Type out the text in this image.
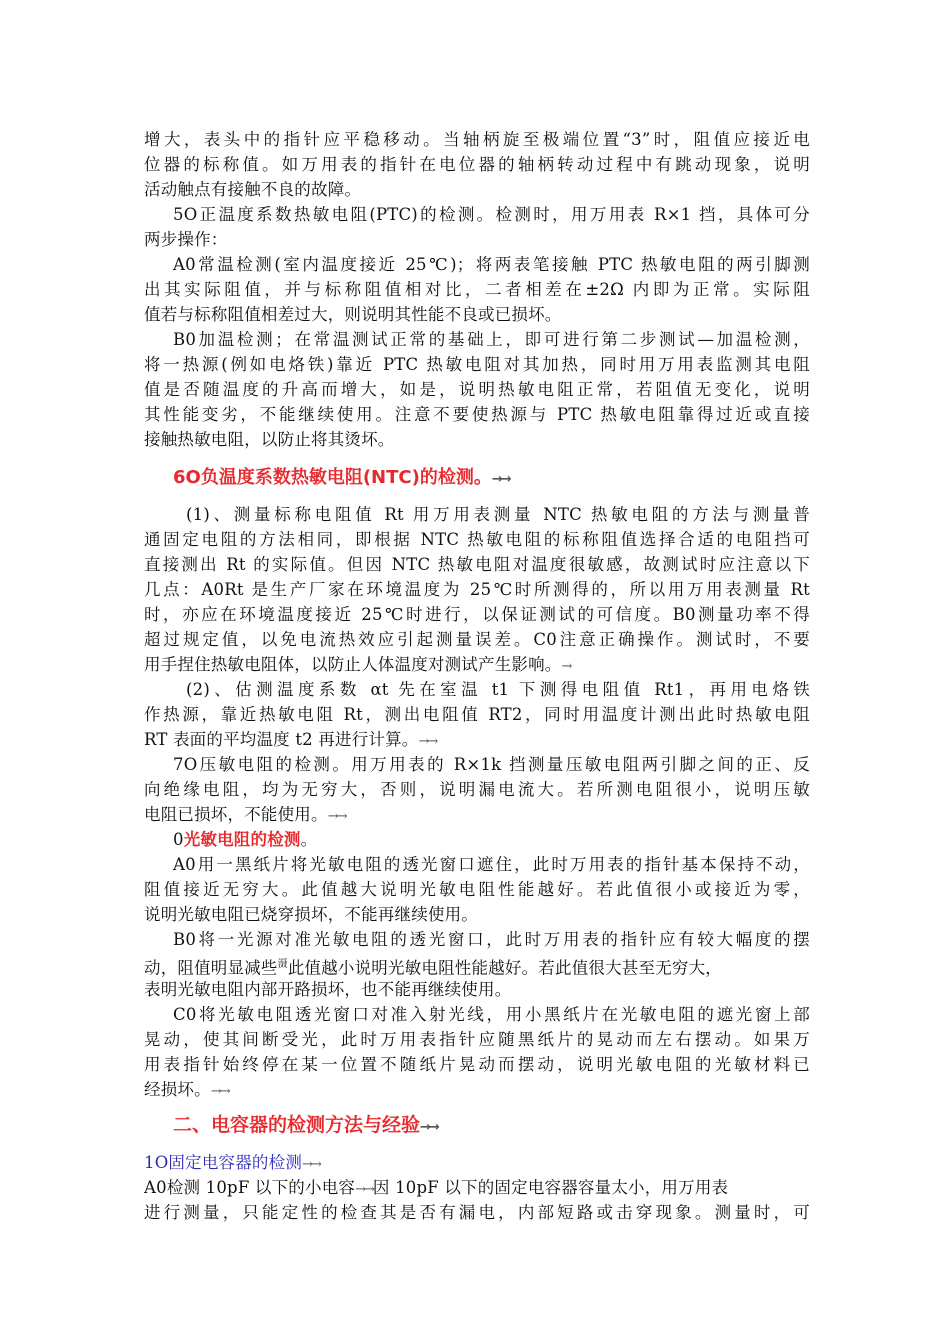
增大，表头中的指针应平稳移动。当轴柄旋至极端位置“3”时，阻值应接近电
位器的标称值。如万用表的指针在电位器的轴柄转动过程中有跳动现象，说明
活动触点有接触不良的故障。
5O正温度系数热敏电阻(PTC)的检测。检测时，用万用表 R×1 挡，具体可分
两步操作：
A0常温检测(室内温度接近 25℃)；将两表笔接触 PTC 热敏电阻的两引脚测
出其实际阻值，并与标称阻值相对比，二者相差在±2Ω 内即为正常。实际阻
值若与标称阻值相差过大，则说明其性能不良或已损坏。
B0加温检测；在常温测试正常的基础上，即可进行第二步测试—加温检测，
将一热源(例如电烙铁)靠近 PTC 热敏电阻对其加热，同时用万用表监测其电阻
值是否随温度的升高而增大，如是，说明热敏电阻正常，若阻值无变化，说明
其性能变劣，不能继续使用。注意不要使热源与 PTC 热敏电阻靠得过近或直接
接触热敏电阻，以防止将其烫坏。
6O负温度系数热敏电阻(NTC)的检测。→→
(1)、测量标称电阻值 Rt 用万用表测量 NTC 热敏电阻的方法与测量普
通固定电阻的方法相同，即根据 NTC 热敏电阻的标称阻值选择合适的电阻挡可
直接测出 Rt 的实际值。但因 NTC 热敏电阻对温度很敏感，故测试时应注意以下
几点：A0Rt 是生产厂家在环境温度为 25℃时所测得的，所以用万用表测量 Rt
时，亦应在环境温度接近 25℃时进行，以保证测试的可信度。B0测量功率不得
超过规定值，以免电流热效应引起测量误差。C0注意正确操作。测试时，不要
用手捏住热敏电阻体，以防止人体温度对测试产生影响。→
(2)、估测温度系数 αt 先在室温 t1 下测得电阻值 Rt1，再用电烙铁
作热源，靠近热敏电阻 Rt，测出电阻值 RT2，同时用温度计测出此时热敏电阻
RT 表面的平均温度 t2 再进行计算。→→
7O压敏电阻的检测。用万用表的 R×1k 挡测量压敏电阻两引脚之间的正、反
向绝缘电阻，均为无穷大，否则，说明漏电流大。若所测电阻很小，说明压敏
电阻已损坏，不能使用。→→
0光敏电阻的检测。
A0用一黑纸片将光敏电阻的透光窗口遮住，此时万用表的指针基本保持不动，
阻值接近无穷大。此值越大说明光敏电阻性能越好。若此值很小或接近为零，
说明光敏电阻已烧穿损坏，不能再继续使用。
B0将一光源对准光敏电阻的透光窗口，此时万用表的指针应有较大幅度的摆
动，阻值明显减些$^滠$此值越小说明光敏电阻性能越好。若此值很大甚至无穷大，
表明光敏电阻内部开路损坏，也不能再继续使用。
C0将光敏电阻透光窗口对准入射光线，用小黑纸片在光敏电阻的遮光窗上部
晃动，使其间断受光，此时万用表指针应随黑纸片的晃动而左右摆动。如果万
用表指针始终停在某一位置不随纸片晃动而摆动，说明光敏电阻的光敏材料已
经损坏。→→
二、电容器的检测方法与经验→→
1O固定电容器的检测→→
A0检测 10pF 以下的小电容→→因 10pF 以下的固定电容器容量太小，用万用表
进行测量，只能定性的检查其是否有漏电，内部短路或击穿现象。测量时，可
